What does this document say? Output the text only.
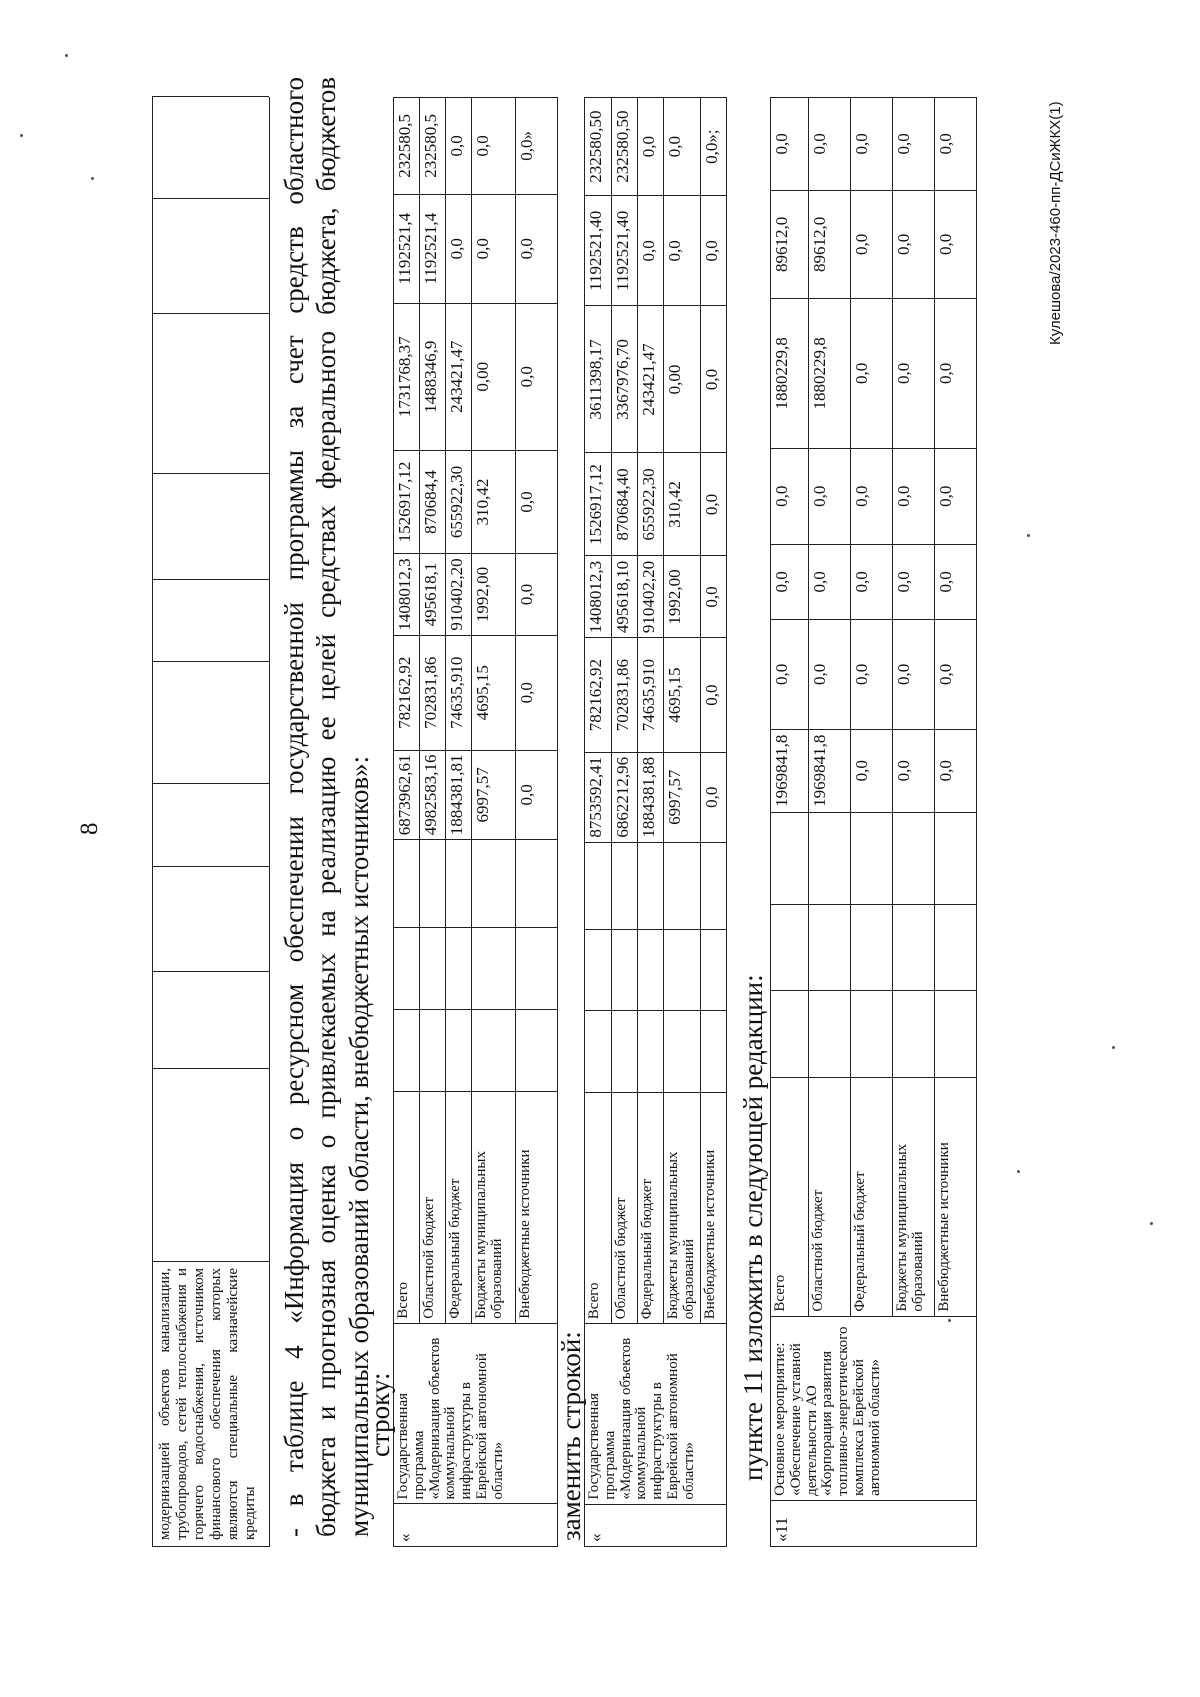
8
модернизацией объектов канализации, трубопроводов, сетей теплоснабжения и горячего водоснабжения, источником финансового обеспечения которых являются специальные казначейские кредиты - в таблице 4 «Информация о ресурсном обеспечении государственной программы за счет средств областного бюджета и прогнозная оценка о привлекаемых на реализацию ее целей средствах федерального бюджета, бюджетов муниципальных образований области, внебюджетных источников»:
строку:
«	Государственная программа «Модернизация объектов коммунальной инфраструктуры в Еврейской автономной области»	Всего				6873962,61	782162,92	1408012,3	1526917,12	1731768,37	1192521,4	232580,5
		Областной бюджет				4982583,16	702831,86	495618,1	870684,4	1488346,9	1192521,4	232580,5
		Федеральный бюджет				1884381,81	74635,910	910402,20	655922,30	243421,47	0,0	0,0
		Бюджеты муниципальных образований				6997,57	4695,15	1992,00	310,42	0,00	0,0	0,0
		Внебюджетные источники				0,0	0,0	0,0	0,0	0,0	0,0	0,0»
заменить строкой: «	Государственная программа «Модернизация объектов коммунальной инфраструктуры в Еврейской автономной области»	Всего				8753592,41	782162,92	1408012,3	1526917,12	3611398,17	1192521,40	232580,50
		Областной бюджет				6862212,96	702831,86	495618,10	870684,40	3367976,70	1192521,40	232580,50
		Федеральный бюджет				1884381,88	74635,910	910402,20	655922,30	243421,47	0,0	0,0
		Бюджеты муниципальных образований				6997,57	4695,15	1992,00	310,42	0,00	0,0	0,0
		Внебюджетные источники				0,0	0,0	0,0	0,0	0,0	0,0	0,0»;
пункте 11 изложить в следующей редакции:
«11	Основное мероприятие: «Обеспечение уставной деятельности АО «Корпорация развития топливно-энергетического комплекса Еврейской автономной области»	Всего				1969841,8	0,0	0,0	0,0	1880229,8	89612,0	0,0
		Областной бюджет				1969841,8	0,0	0,0	0,0	1880229,8	89612,0	0,0
		Федеральный бюджет				0,0	0,0	0,0	0,0	0,0	0,0	0,0
		Бюджеты муниципальных образований				0,0	0,0	0,0	0,0	0,0	0,0	0,0
		Внебюджетные источники				0,0	0,0	0,0	0,0	0,0	0,0	0,0	Кулешова/2023-460-пп-ДСиЖКХ(1)
